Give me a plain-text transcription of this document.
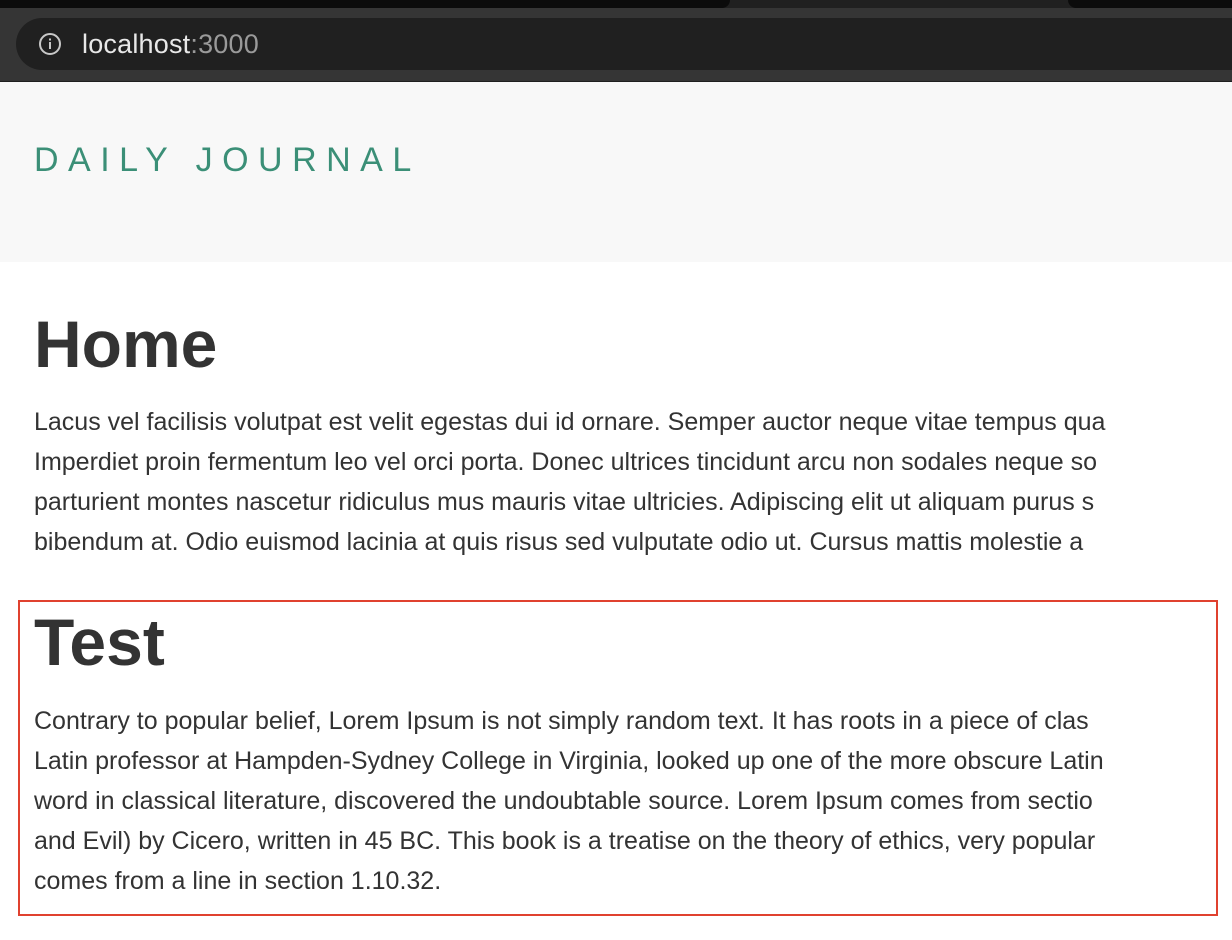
localhost:3000
DAILY JOURNAL
Home
Lacus vel facilisis volutpat est velit egestas dui id ornare. Semper auctor neque vitae tempus qua
Imperdiet proin fermentum leo vel orci porta. Donec ultrices tincidunt arcu non sodales neque so
parturient montes nascetur ridiculus mus mauris vitae ultricies. Adipiscing elit ut aliquam purus s
bibendum at. Odio euismod lacinia at quis risus sed vulputate odio ut. Cursus mattis molestie a
Test
Contrary to popular belief, Lorem Ipsum is not simply random text. It has roots in a piece of clas
Latin professor at Hampden-Sydney College in Virginia, looked up one of the more obscure Latin
word in classical literature, discovered the undoubtable source. Lorem Ipsum comes from sectio
and Evil) by Cicero, written in 45 BC. This book is a treatise on the theory of ethics, very popular
comes from a line in section 1.10.32.
